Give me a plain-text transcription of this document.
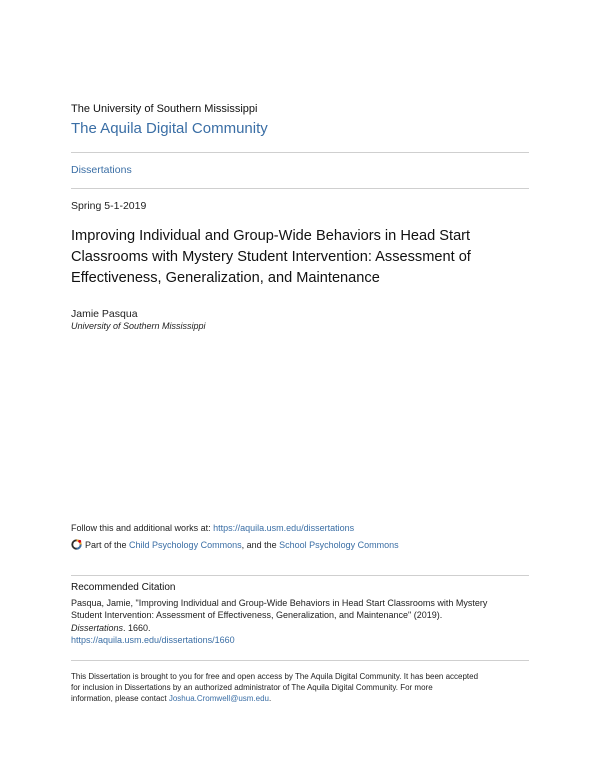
The University of Southern Mississippi
The Aquila Digital Community
Dissertations
Spring 5-1-2019
Improving Individual and Group-Wide Behaviors in Head Start
Classrooms with Mystery Student Intervention: Assessment of
Effectiveness, Generalization, and Maintenance
Jamie Pasqua
University of Southern Mississippi
Follow this and additional works at: https://aquila.usm.edu/dissertations
Part of the Child Psychology Commons, and the School Psychology Commons
Recommended Citation
Pasqua, Jamie, "Improving Individual and Group-Wide Behaviors in Head Start Classrooms with Mystery
Student Intervention: Assessment of Effectiveness, Generalization, and Maintenance" (2019).
Dissertations. 1660.
https://aquila.usm.edu/dissertations/1660
This Dissertation is brought to you for free and open access by The Aquila Digital Community. It has been accepted
for inclusion in Dissertations by an authorized administrator of The Aquila Digital Community. For more
information, please contact Joshua.Cromwell@usm.edu.
